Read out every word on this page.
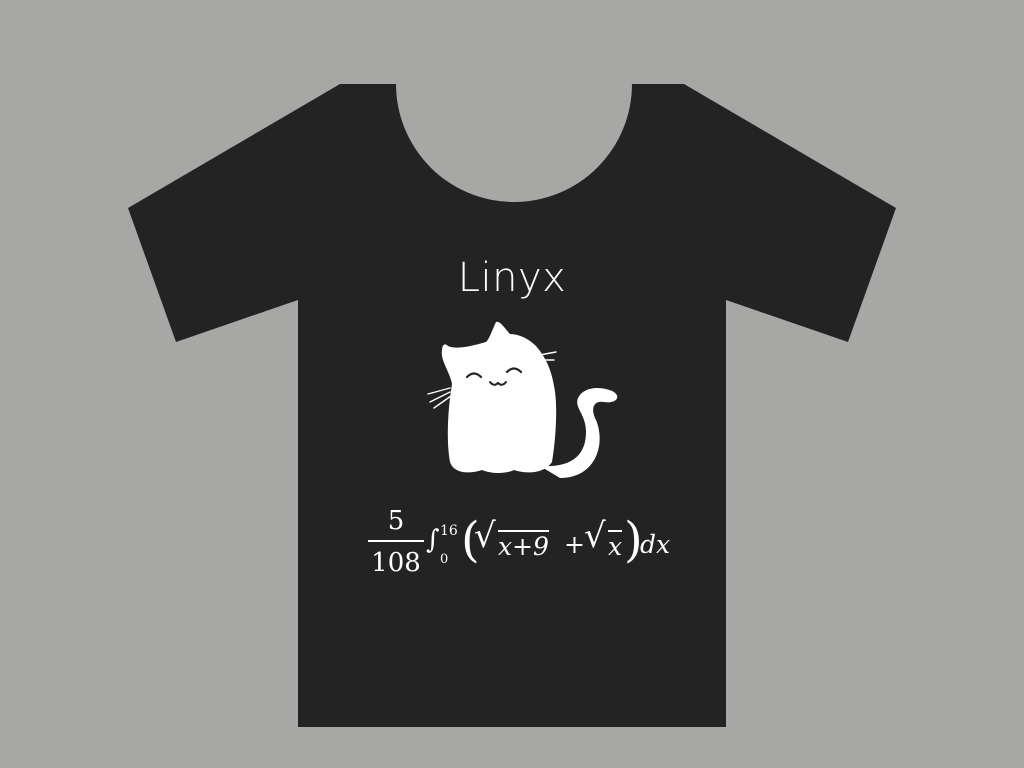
Linyx
5
108
∫ 16
0 (
√ x+9 + √ x )
dx
